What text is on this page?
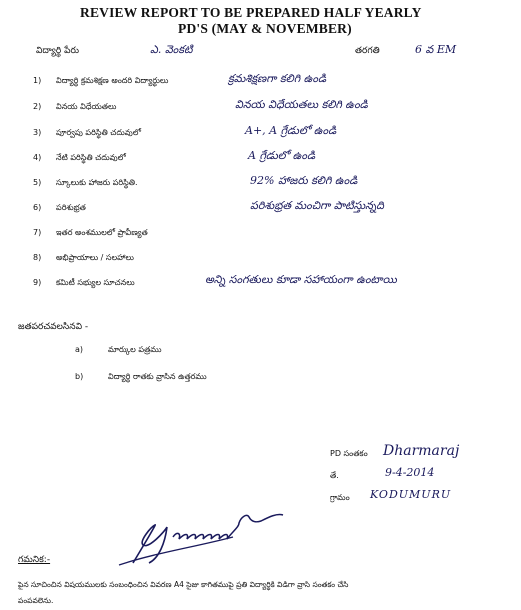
REVIEW REPORT TO BE PREPARED HALF YEARLY
PD'S (MAY & NOVEMBER)
విద్యార్థి పేరు	ఎ. వెంకటి	తరగతి	6 వ EM
1) విద్యార్థి క్రమశిక్షణ అందరి విద్యార్థులు	క్రమశిక్షణగా కలిగి ఉండి
2) వినయ విధేయతలు	వినయ విధేయతలు కలిగి ఉండి
3) పూర్వపు పరిస్థితి చదువులో	A+, A గ్రేడులో ఉండి
4) నేటి పరిస్థితి చదువులో	A గ్రేడులో ఉండి
5) స్కూలుకు హాజరు పరిస్థితి.	92% హాజరు కలిగి ఉండి
6) పరిశుభ్రత	పరిశుభ్రత మంచిగా పాటిస్తున్నది
7) ఇతర అంశములలో ప్రావీణ్యత
8) అభిప్రాయాలు / సలహాలు
9) కమిటీ సభ్యుల సూచనలు	అన్ని సంగతులు కూడా సహాయంగా ఉంటాయి
జతపరచవలసినవి -
a)	మార్కుల పత్రము
b)	విద్యార్థి రాతకు వ్రాసిన ఉత్తరము
PD సంతకం Dharmaraj
తే.	9-4-2014
గ్రామం KODUMURU
గమనిక:-
పైన సూచించిన విషయములకు సంబంధించిన వివరణ A4 సైజు కాగితముపై ప్రతి విద్యార్థికి విడిగా వ్రాసి సంతకం చేసి
పంపవలెను.
